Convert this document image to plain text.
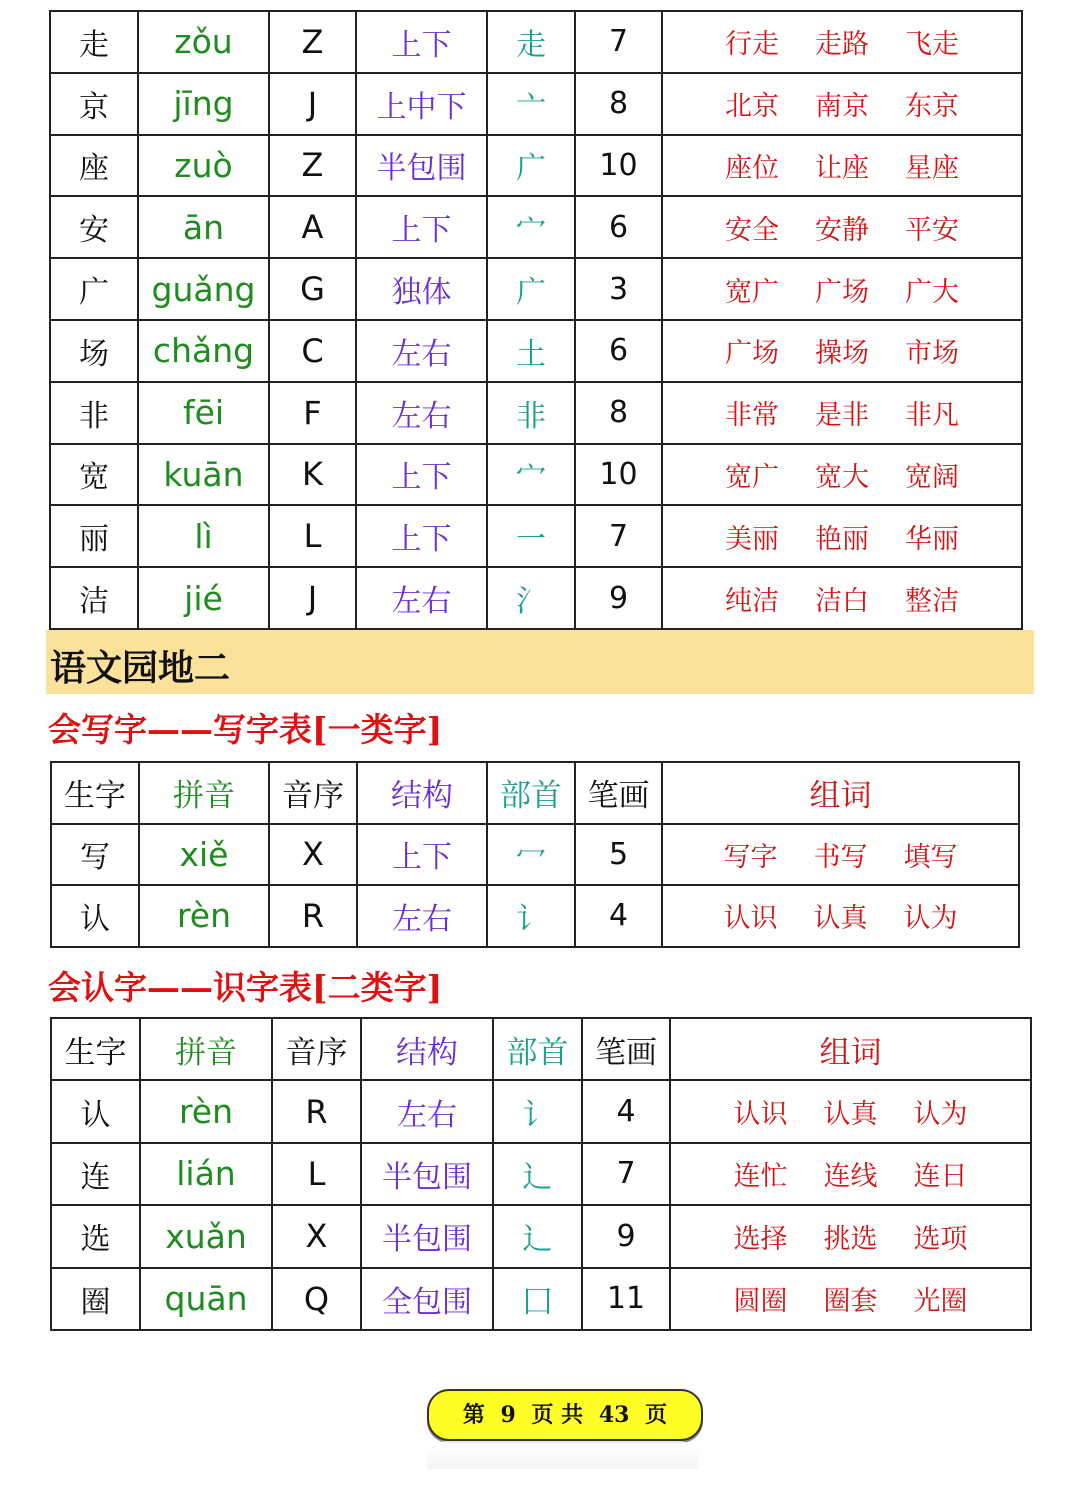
走	zǒu	Z	上下	走	7	行走 走路 飞走
京	jīng	J	上中下	亠	8	北京 南京 东京
座	zuò	Z	半包围	广	10	座位 让座 星座
安	ān	A	上下	宀	6	安全 安静 平安
广	guǎng	G	独体	广	3	宽广 广场 广大
场	chǎng	C	左右	土	6	广场 操场 市场
非	fēi	F	左右	非	8	非常 是非 非凡
宽	kuān	K	上下	宀	10	宽广 宽大 宽阔
丽	lì	L	上下	一	7	美丽 艳丽 华丽
洁	jié	J	左右	氵	9	纯洁 洁白 整洁
语文园地二
会写字——写字表[一类字]
生字	拼音	音序	结构	部首	笔画	组词
写	xiě	X	上下	冖	5	写字 书写 填写
认	rèn	R	左右	讠	4	认识 认真 认为
会认字——识字表[二类字]
生字	拼音	音序	结构	部首	笔画	组词
认	rèn	R	左右	讠	4	认识 认真 认为
连	lián	L	半包围	辶	7	连忙 连线 连日
选	xuǎn	X	半包围	辶	9	选择 挑选 选项
圈	quān	Q	全包围	囗	11	圆圈 圈套 光圈
第 9 页 共 43 页
